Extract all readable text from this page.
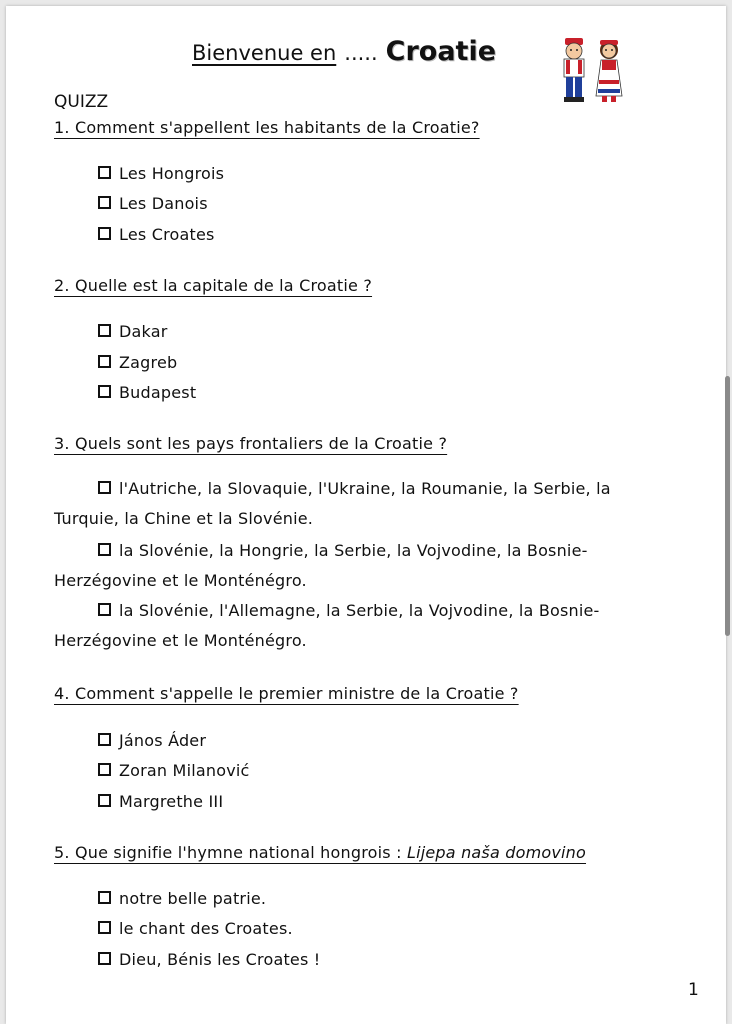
Bienvenue en ..... Croatie
QUIZZ
1. Comment s'appellent les habitants de la Croatie?
Les Hongrois
Les Danois
Les Croates
2. Quelle est la capitale de la Croatie ?
Dakar
Zagreb
Budapest
3. Quels sont les pays frontaliers de la Croatie ?
l'Autriche, la Slovaquie, l'Ukraine, la Roumanie, la Serbie, la Turquie, la Chine et la Slovénie.
la Slovénie, la Hongrie, la Serbie, la Vojvodine, la Bosnie-Herzégovine et le Monténégro.
la Slovénie, l'Allemagne, la Serbie, la Vojvodine, la Bosnie-Herzégovine et le Monténégro.
4. Comment s'appelle le premier ministre de la Croatie ?
János Áder
Zoran Milanović
Margrethe III
5. Que signifie l'hymne national hongrois : Lijepa naša domovino
notre belle patrie.
le chant des Croates.
Dieu, Bénis les Croates !
1
